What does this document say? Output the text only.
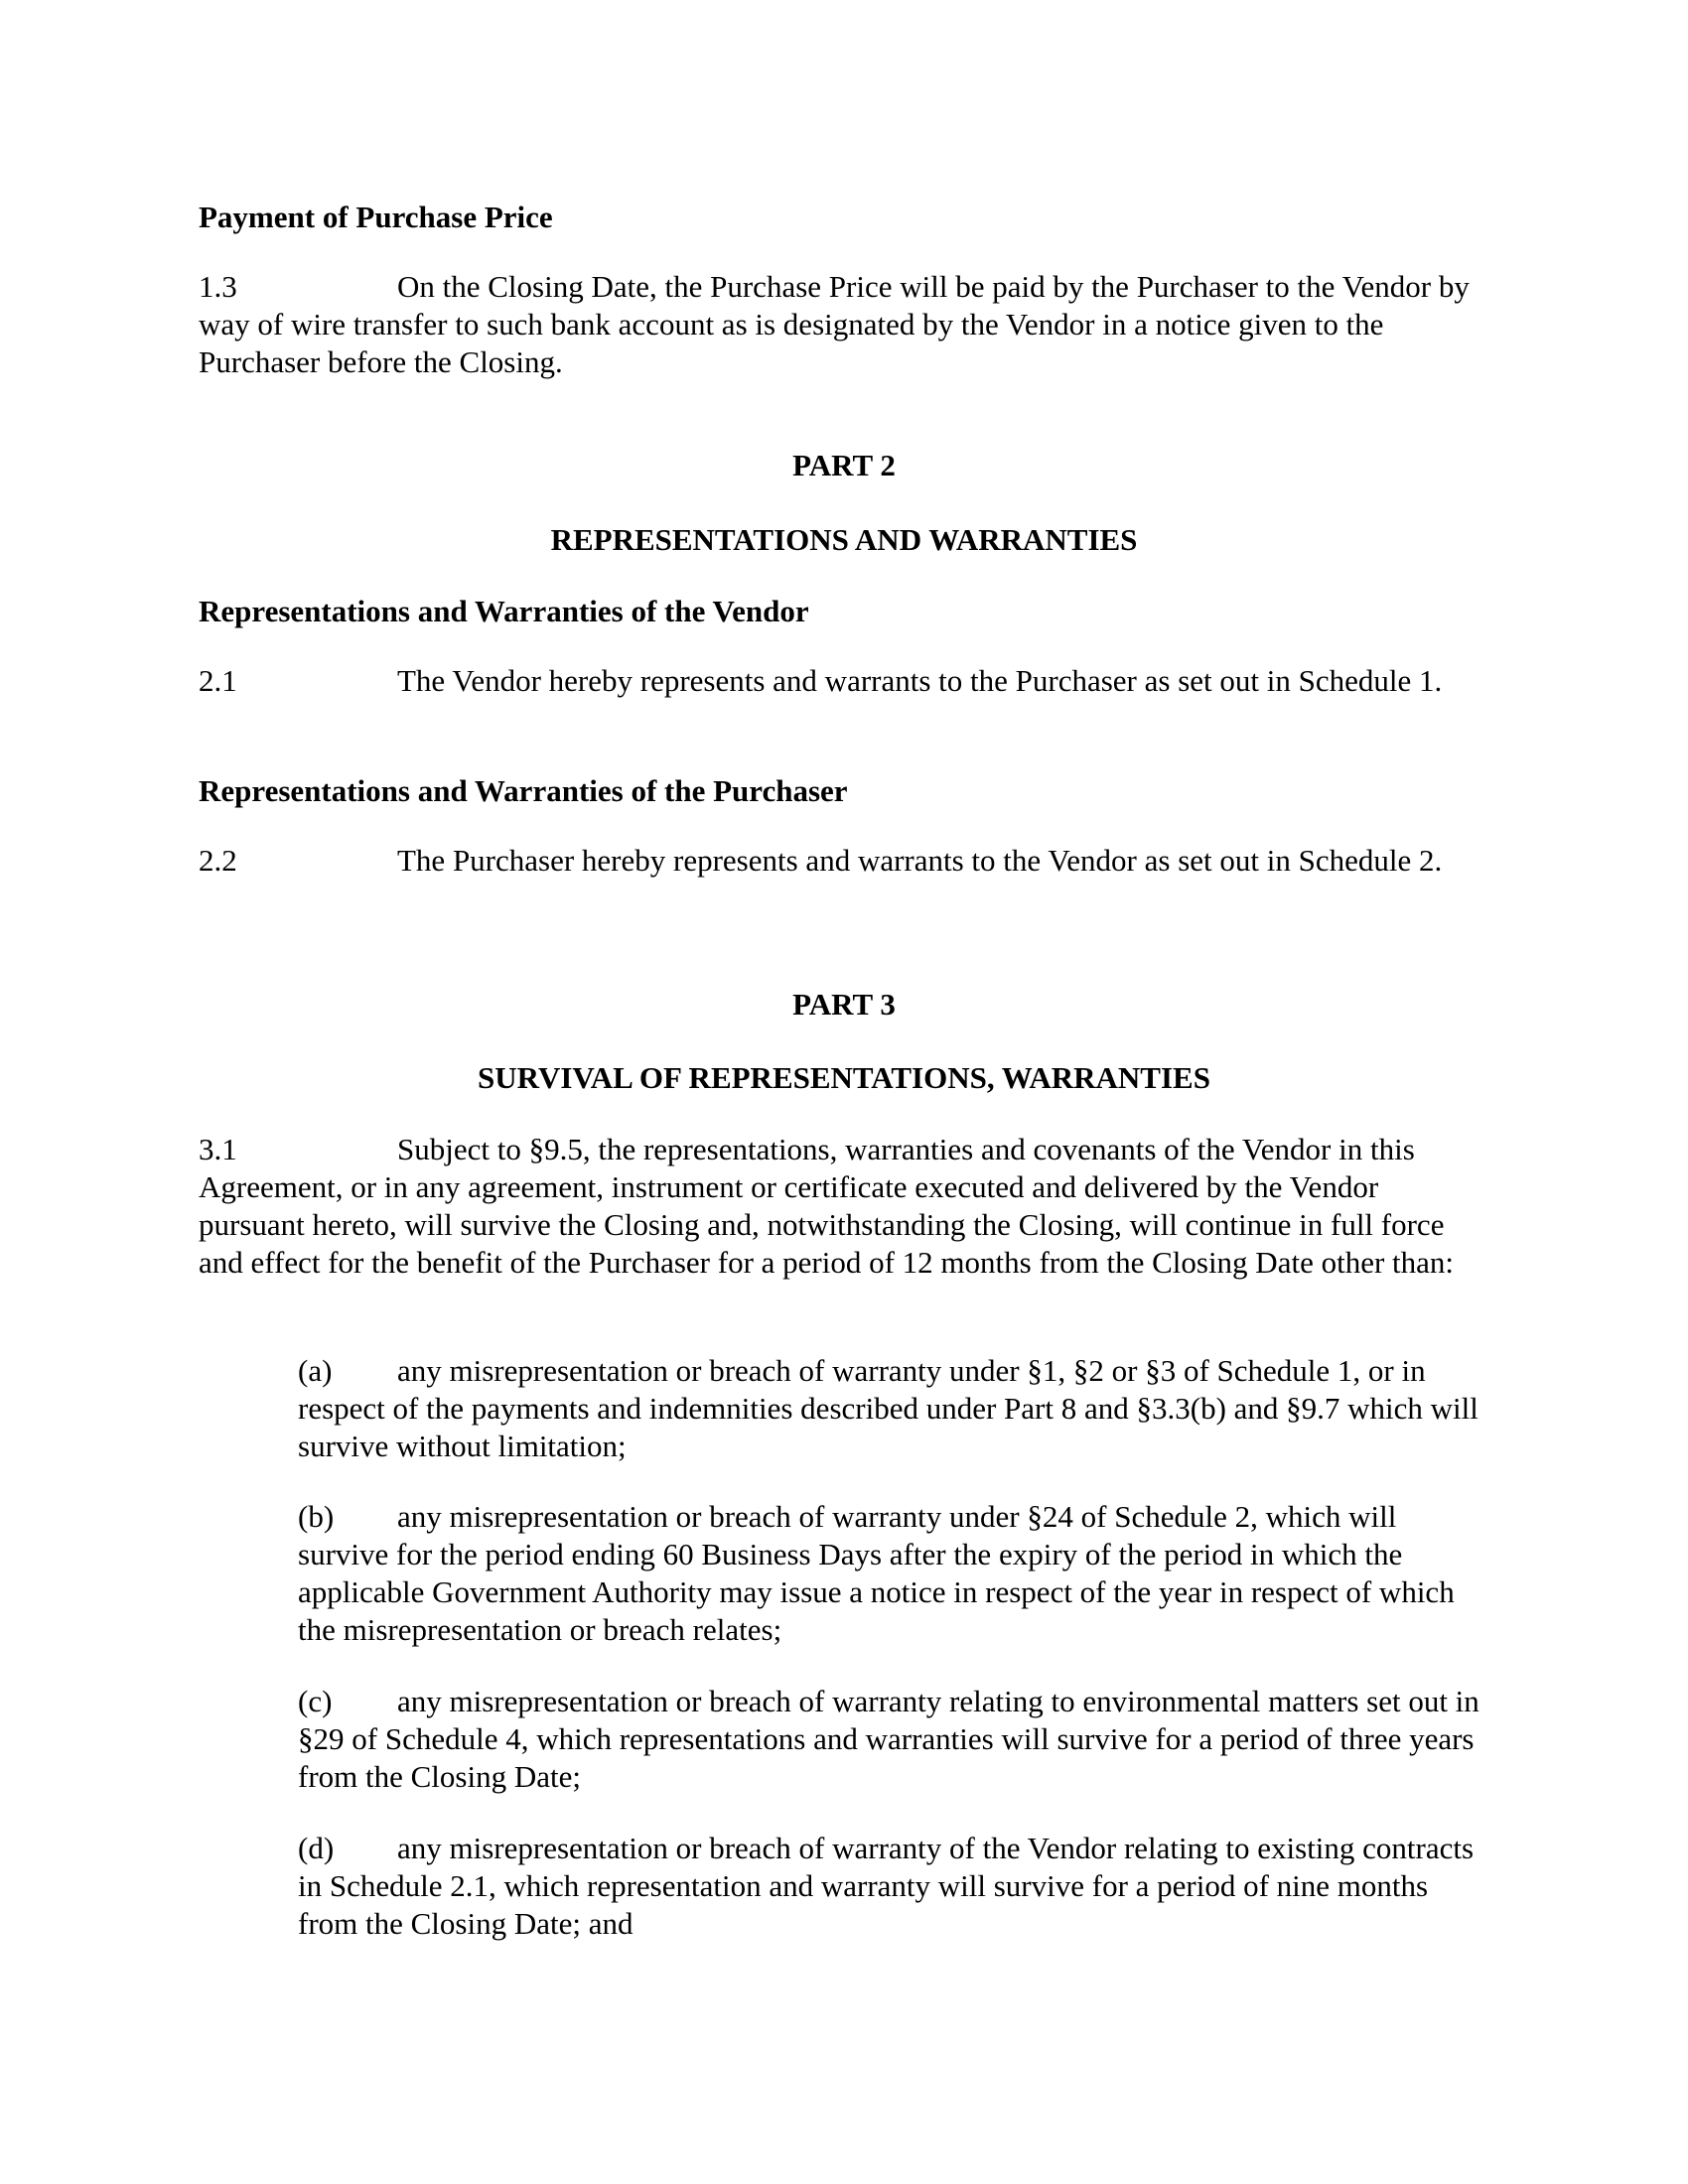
Payment of Purchase Price

1.3	On the Closing Date, the Purchase Price will be paid by the Purchaser to the Vendor by way of wire transfer to such bank account as is designated by the Vendor in a notice given to the Purchaser before the Closing.

PART 2

REPRESENTATIONS AND WARRANTIES

Representations and Warranties of the Vendor

2.1	The Vendor hereby represents and warrants to the Purchaser as set out in Schedule 1.

Representations and Warranties of the Purchaser

2.2	The Purchaser hereby represents and warrants to the Vendor as set out in Schedule 2.

PART 3

SURVIVAL OF REPRESENTATIONS, WARRANTIES

3.1	Subject to §9.5, the representations, warranties and covenants of the Vendor in this Agreement, or in any agreement, instrument or certificate executed and delivered by the Vendor pursuant hereto, will survive the Closing and, notwithstanding the Closing, will continue in full force and effect for the benefit of the Purchaser for a period of 12 months from the Closing Date other than:

(a) any misrepresentation or breach of warranty under §1, §2 or §3 of Schedule 1, or in respect of the payments and indemnities described under Part 8 and §3.3(b) and §9.7 which will survive without limitation;

(b) any misrepresentation or breach of warranty under §24 of Schedule 2, which will survive for the period ending 60 Business Days after the expiry of the period in which the applicable Government Authority may issue a notice in respect of the year in respect of which the misrepresentation or breach relates;

(c) any misrepresentation or breach of warranty relating to environmental matters set out in §29 of Schedule 4, which representations and warranties will survive for a period of three years from the Closing Date;

(d) any misrepresentation or breach of warranty of the Vendor relating to existing contracts in Schedule 2.1, which representation and warranty will survive for a period of nine months from the Closing Date; and
